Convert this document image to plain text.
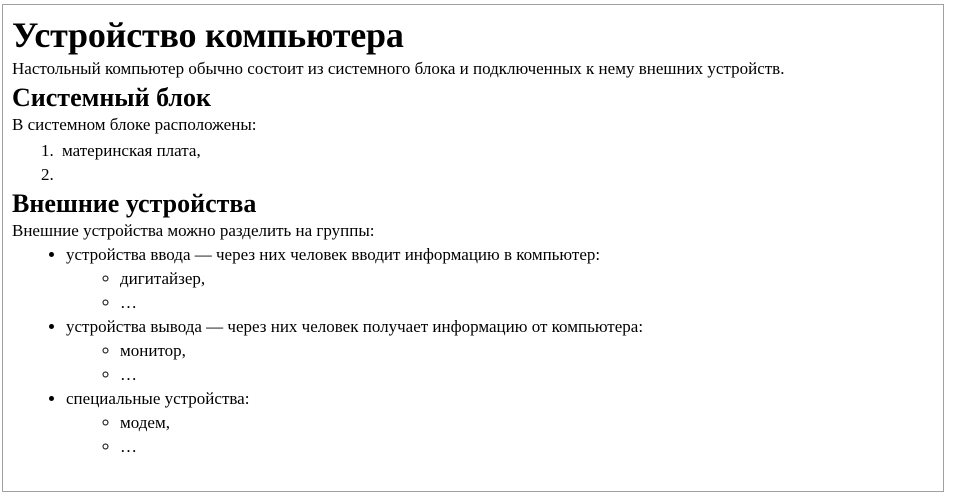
Устройство компьютера

Настольный компьютер обычно состоит из системного блока и подключенных к нему внешних устройств.

Системный блок

В системном блоке расположены:

1. материнская плата,
2.
Внешние устройства

Внешние устройства можно разделить на группы:

• устройства ввода — через них человек вводит информацию в компьютер:
◦ дигитайзер,
◦ …
• устройства вывода — через них человек получает информацию от компьютера:
◦ монитор,
◦ …
• специальные устройства:
◦ модем,
◦ …
